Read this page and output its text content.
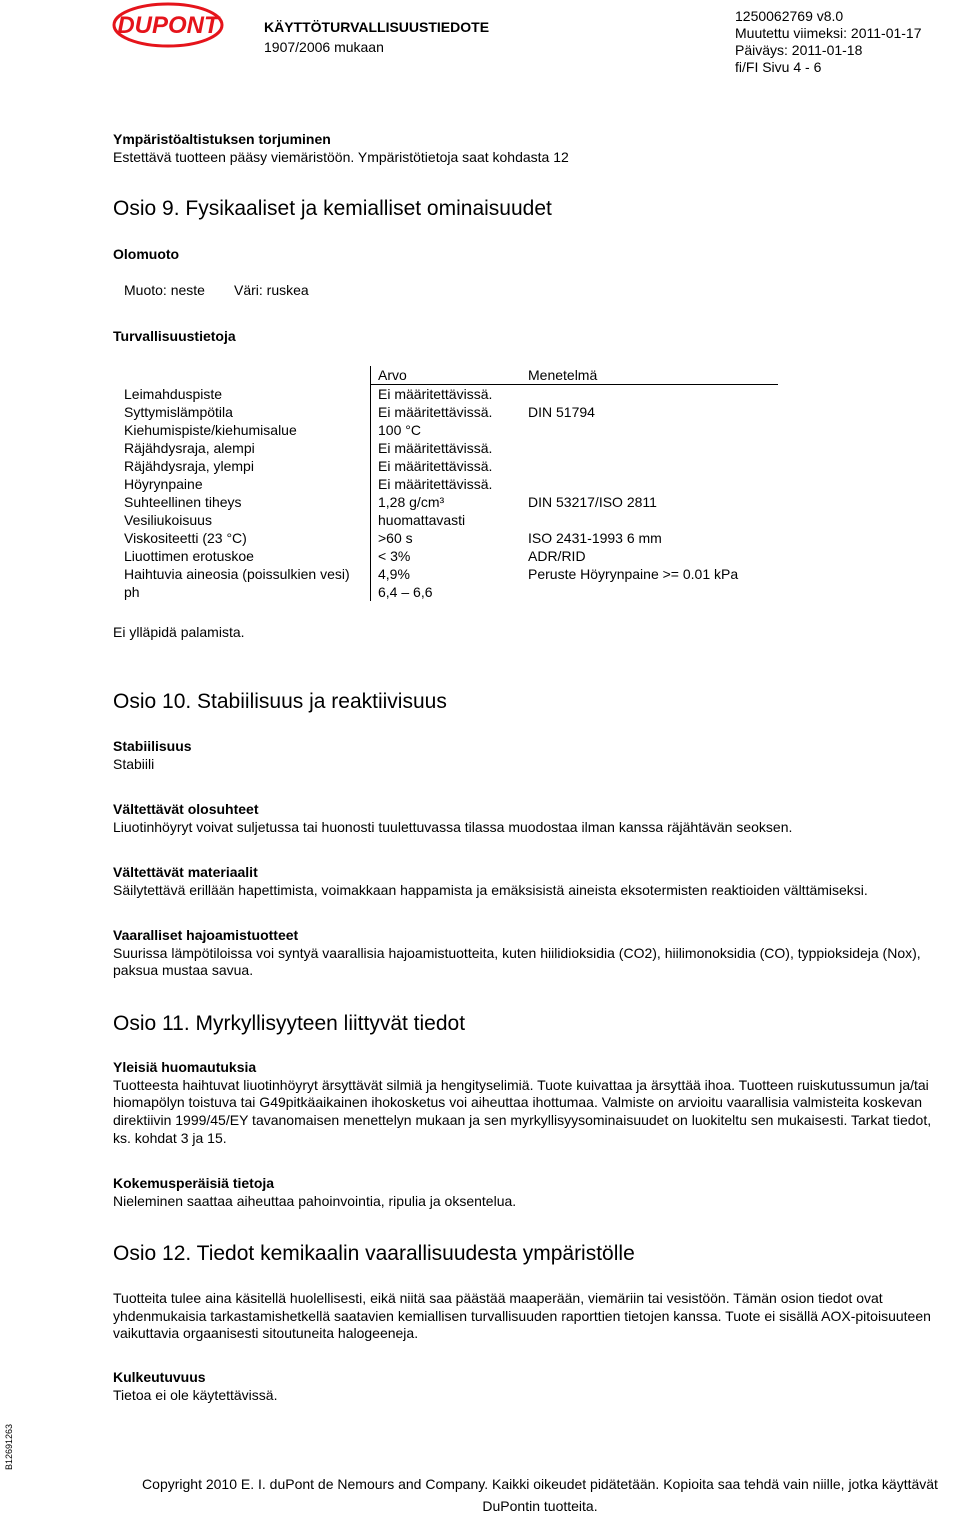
DUPONT	KÄYTTÖTURVALLISUUSTIEDOTE
1907/2006 mukaan
1250062769 v8.0
Muutettu viimeksi: 2011-01-17
Päiväys: 2011-01-18
fi/FI Sivu 4 - 6
Ympäristöaltistuksen torjuminen
Estettävä tuotteen pääsy viemäristöön. Ympäristötietoja saat kohdasta 12
Osio 9. Fysikaaliset ja kemialliset ominaisuudet
Olomuoto
Muoto: neste Väri: ruskea
Turvallisuustietoja
	Arvo	Menetelmä
Leimahduspiste	Ei määritettävissä.	
Syttymislämpötila	Ei määritettävissä.	DIN 51794
Kiehumispiste/kiehumisalue	100 °C	
Räjähdysraja, alempi	Ei määritettävissä.	
Räjähdysraja, ylempi	Ei määritettävissä.	
Höyrynpaine	Ei määritettävissä.	
Suhteellinen tiheys	1,28 g/cm³	DIN 53217/ISO 2811
Vesiliukoisuus	huomattavasti	
Viskositeetti (23 °C)	>60 s	ISO 2431-1993 6 mm
Liuottimen erotuskoe	< 3%	ADR/RID
Haihtuvia aineosia (poissulkien vesi)	4,9%	Peruste Höyrynpaine >= 0.01 kPa
ph	6,4 – 6,6	
Ei ylläpidä palamista.
Osio 10. Stabiilisuus ja reaktiivisuus
Stabiilisuus
Stabiili
Vältettävät olosuhteet
Liuotinhöyryt voivat suljetussa tai huonosti tuulettuvassa tilassa muodostaa ilman kanssa räjähtävän seoksen.
Vältettävät materiaalit
Säilytettävä erillään hapettimista, voimakkaan happamista ja emäksisistä aineista eksotermisten reaktioiden välttämiseksi.
Vaaralliset hajoamistuotteet
Suurissa lämpötiloissa voi syntyä vaarallisia hajoamistuotteita, kuten hiilidioksidia (CO2), hiilimonoksidia (CO), typpioksideja (Nox), paksua mustaa savua.
Osio 11. Myrkyllisyyteen liittyvät tiedot
Yleisiä huomautuksia
Tuotteesta haihtuvat liuotinhöyryt ärsyttävät silmiä ja hengityselimiä. Tuote kuivattaa ja ärsyttää ihoa. Tuotteen ruiskutussumun ja/tai hiomapölyn toistuva tai G49pitkäaikainen ihokosketus voi aiheuttaa ihottumaa. Valmiste on arvioitu vaarallisia valmisteita koskevan direktiivin 1999/45/EY tavanomaisen menettelyn mukaan ja sen myrkyllisyysominaisuudet on luokiteltu sen mukaisesti. Tarkat tiedot, ks. kohdat 3 ja 15.
Kokemusperäisiä tietoja
Nieleminen saattaa aiheuttaa pahoinvointia, ripulia ja oksentelua.
Osio 12. Tiedot kemikaalin vaarallisuudesta ympäristölle
Tuotteita tulee aina käsitellä huolellisesti, eikä niitä saa päästää maaperään, viemäriin tai vesistöön. Tämän osion tiedot ovat yhdenmukaisia tarkastamishetkellä saatavien kemiallisen turvallisuuden raporttien tietojen kanssa. Tuote ei sisällä AOX-pitoisuuteen vaikuttavia orgaanisesti sitoutuneita halogeeneja.
Kulkeutuvuus
Tietoa ei ole käytettävissä.
B12691263
Copyright 2010 E. I. duPont de Nemours and Company. Kaikki oikeudet pidätetään. Kopioita saa tehdä vain niille, jotka käyttävät DuPontin tuotteita.
